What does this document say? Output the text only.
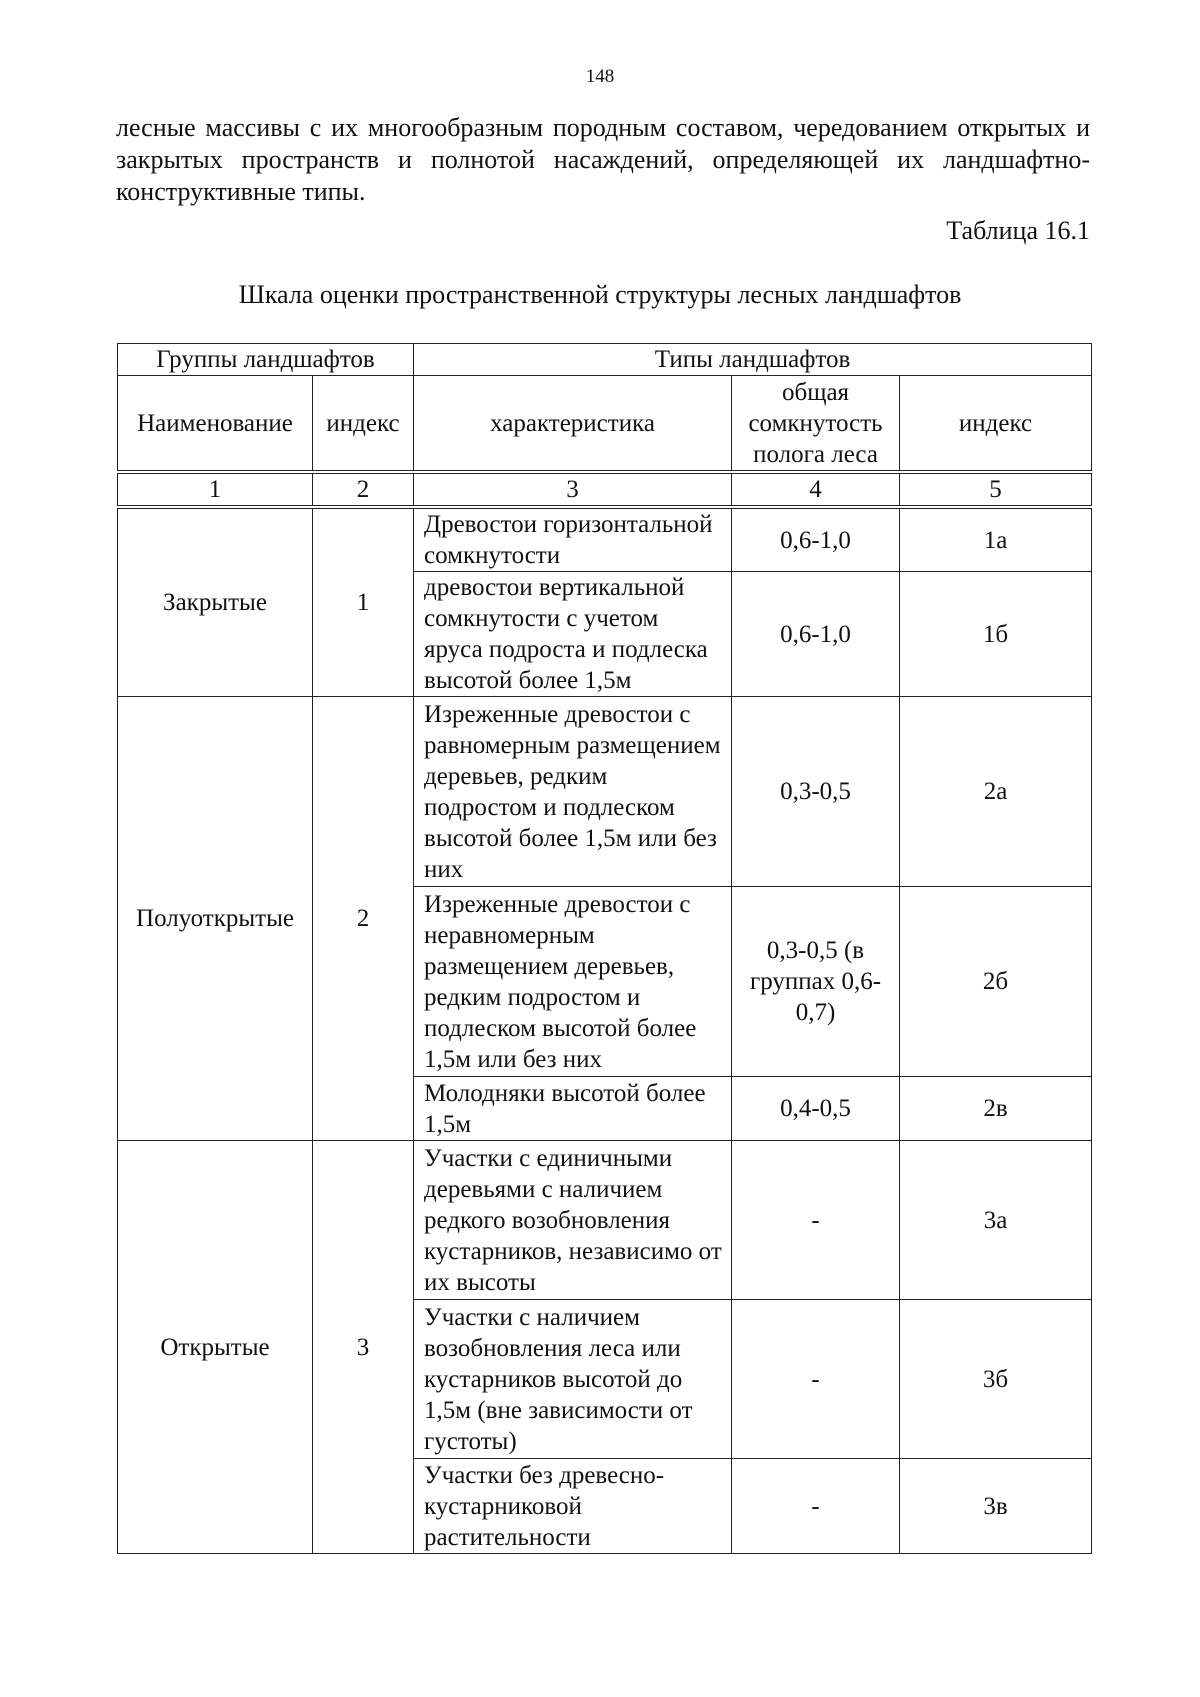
148

лесные массивы с их многообразным породным составом, чередованием открытых и закрытых пространств и полнотой насаждений, определяющей их ландшафтно-конструктивные типы.

Таблица 16.1
Шкала оценки пространственной структуры лесных ландшафтов
Группы ландшафтов		Типы ландшафтов		
Наименование	индекс	характеристика	общая сомкнутость полога леса	индекс
1	2	3	4	5
Закрытые	1	Древостои горизонтальной сомкнутости	0,6-1,0	1а
		древостои вертикальной сомкнутости с учетом яруса подроста и подлеска высотой более 1,5м	0,6-1,0	1б
Полуоткрытые	2	Изреженные древостои с равномерным размещением деревьев, редким подростом и подлеском высотой более 1,5м или без них	0,3-0,5	2а
		Изреженные древостои с неравномерным размещением деревьев, редким подростом и подлеском высотой более 1,5м или без них	0,3-0,5 (в группах 0,6-0,7)	2б
		Молодняки высотой более 1,5м	0,4-0,5	2в
Открытые	3	Участки с единичными деревьями с наличием редкого возобновления кустарников, независимо от их высоты	-	3а
		Участки с наличием возобновления леса или кустарников высотой до 1,5м (вне зависимости от густоты)	-	3б
		Участки без древесно-кустарниковой растительности	-	3в
